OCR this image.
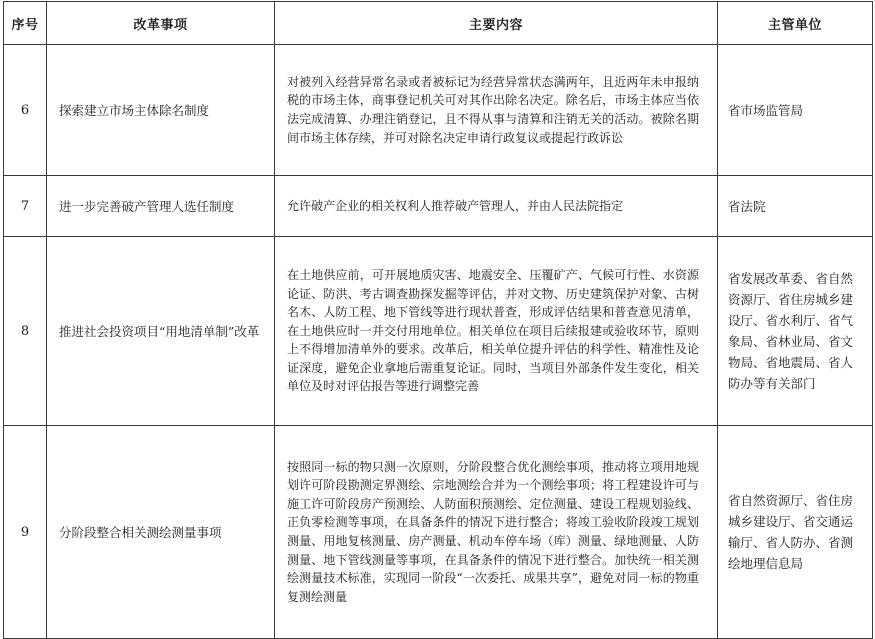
序号	改革事项	主要内容	主管单位
6	探索建立市场主体除名制度	对被列入经营异常名录或者被标记为经营异常状态满两年，且近两年未申报纳税的市场主体，商事登记机关可对其作出除名决定。除名后，市场主体应当依法完成清算、办理注销登记，且不得从事与清算和注销无关的活动。被除名期间市场主体存续，并可对除名决定申请行政复议或提起行政诉讼	省市场监管局
7	进一步完善破产管理人选任制度	允许破产企业的相关权利人推荐破产管理人，并由人民法院指定	省法院
8	推进社会投资项目“用地清单制”改革	在土地供应前，可开展地质灾害、地震安全、压覆矿产、气候可行性、水资源论证、防洪、考古调查勘探发掘等评估，并对文物、历史建筑保护对象、古树名木、人防工程、地下管线等进行现状普查，形成评估结果和普查意见清单，在土地供应时一并交付用地单位。相关单位在项目后续报建或验收环节，原则上不得增加清单外的要求。改革后，相关单位提升评估的科学性、精准性及论证深度，避免企业拿地后需重复论证。同时，当项目外部条件发生变化，相关单位及时对评估报告等进行调整完善	省发展改革委、省自然资源厅、省住房城乡建设厅、省水利厅、省气象局、省林业局、省文物局、省地震局、省人防办等有关部门
9	分阶段整合相关测绘测量事项	按照同一标的物只测一次原则，分阶段整合优化测绘事项，推动将立项用地规划许可阶段勘测定界测绘、宗地测绘合并为一个测绘事项；将工程建设许可与施工许可阶段房产预测绘、人防面积预测绘、定位测量、建设工程规划验线、正负零检测等事项，在具备条件的情况下进行整合；将竣工验收阶段竣工规划测量、用地复核测量、房产测量、机动车停车场（库）测量、绿地测量、人防测量、地下管线测量等事项，在具备条件的情况下进行整合。加快统一相关测绘测量技术标准，实现同一阶段“一次委托、成果共享”，避免对同一标的物重复测绘测量	省自然资源厅、省住房城乡建设厅、省交通运输厅、省人防办、省测绘地理信息局
